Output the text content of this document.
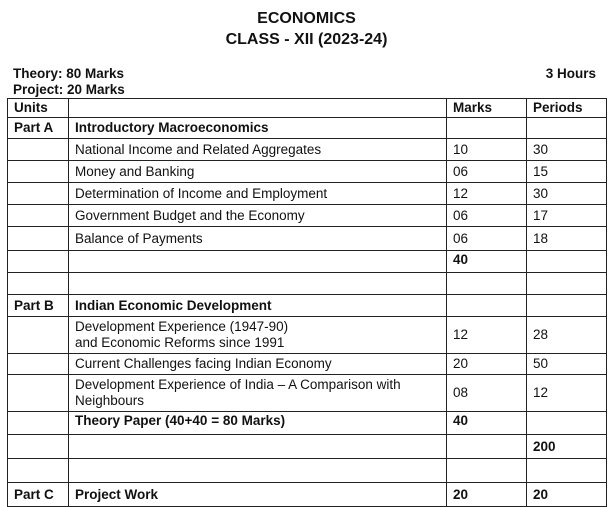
ECONOMICS
CLASS - XII (2023-24)
Theory: 80 Marks
Project: 20 Marks
3 Hours
Units		Marks	Periods
Part A	Introductory Macroeconomics		
	National Income and Related Aggregates	10	30
	Money and Banking	06	15
	Determination of Income and Employment	12	30
	Government Budget and the Economy	06	17
	Balance of Payments	06	18
		40	

Part B	Indian Economic Development		

	Development Experience (1947-90)
and Economic Reforms since 1991	12	28
	Current Challenges facing Indian Economy	20	50

	Development Experience of India – A Comparison with
Neighbours	08	12
	Theory Paper (40+40 = 80 Marks)	40	
			200

Part C	Project Work	20	20
